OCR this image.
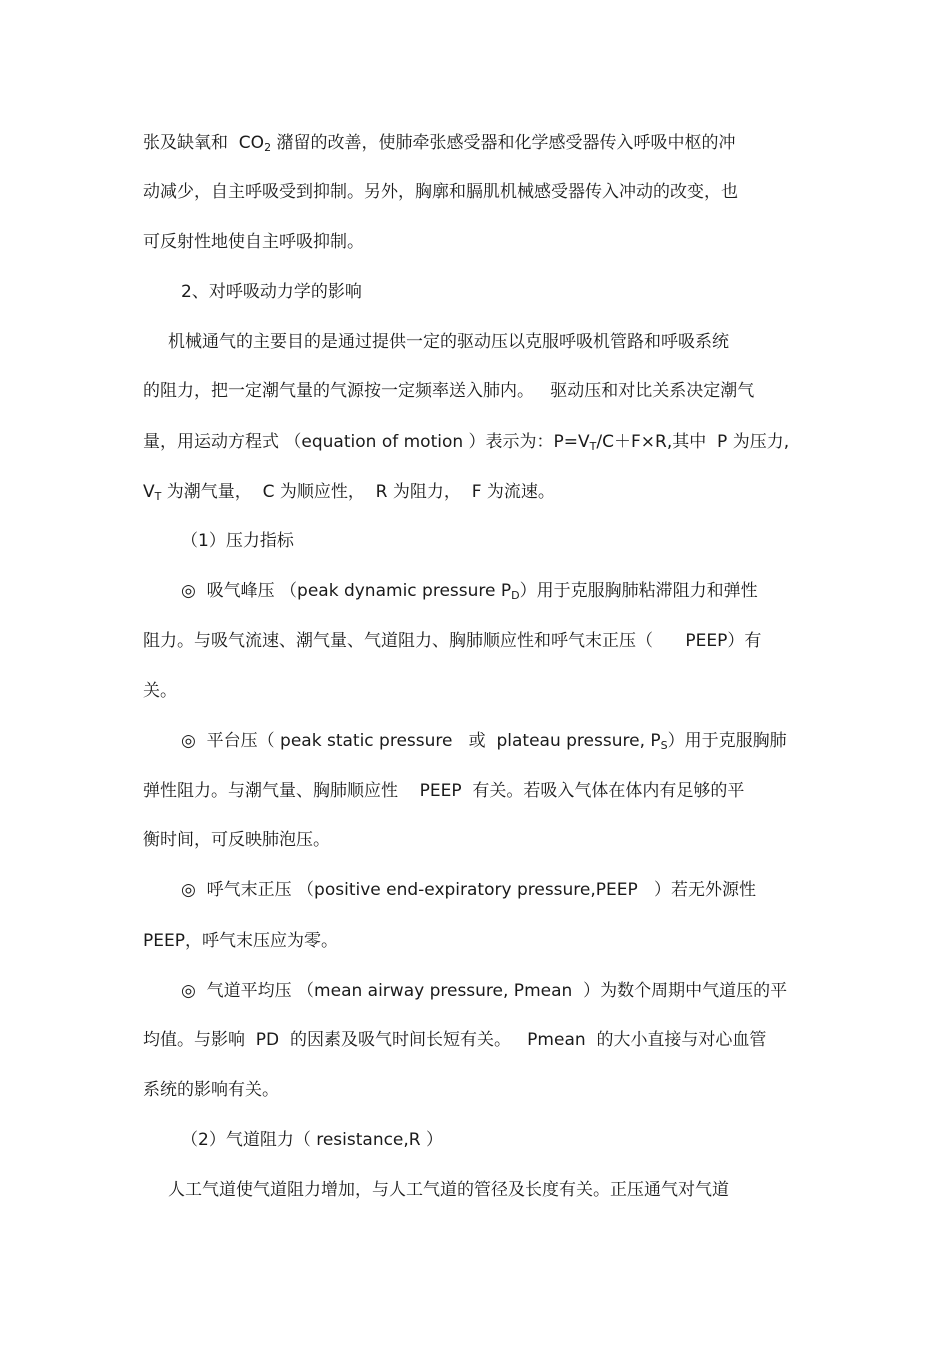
张及缺氧和  $CO_2$ 潴留的改善，使肺牵张感受器和化学感受器传入呼吸中枢的冲
动减少，自主呼吸受到抑制。另外，胸廓和膈肌机械感受器传入冲动的改变，也
可反射性地使自主呼吸抑制。
2、对呼吸动力学的影响
机械通气的主要目的是通过提供一定的驱动压以克服呼吸机管路和呼吸系统
的阻力，把一定潮气量的气源按一定频率送入肺内。   驱动压和对比关系决定潮气
量，用运动方程式 （equation of motion ）表示为：$P=V_T/C+F\times R$,其中  P 为压力,
$V_T$ 为潮气量，  C 为顺应性，  R 为阻力，  F 为流速。
（1）压力指标
◎  吸气峰压 （peak dynamic pressure $P_D$）用于克服胸肺粘滞阻力和弹性
阻力。与吸气流速、潮气量、气道阻力、胸肺顺应性和呼气末正压（      PEEP）有
关。
◎  平台压（ peak static pressure   或  plateau pressure, $P_S$）用于克服胸肺
弹性阻力。与潮气量、胸肺顺应性    PEEP  有关。若吸入气体在体内有足够的平
衡时间，可反映肺泡压。
◎  呼气末正压 （positive end-expiratory pressure,PEEP   ）若无外源性
PEEP，呼气末压应为零。
◎  气道平均压 （mean airway pressure, Pmean  ）为数个周期中气道压的平
均值。与影响  PD  的因素及吸气时间长短有关。   Pmean  的大小直接与对心血管
系统的影响有关。
（2）气道阻力（ resistance,R ）
人工气道使气道阻力增加，与人工气道的管径及长度有关。正压通气对气道
